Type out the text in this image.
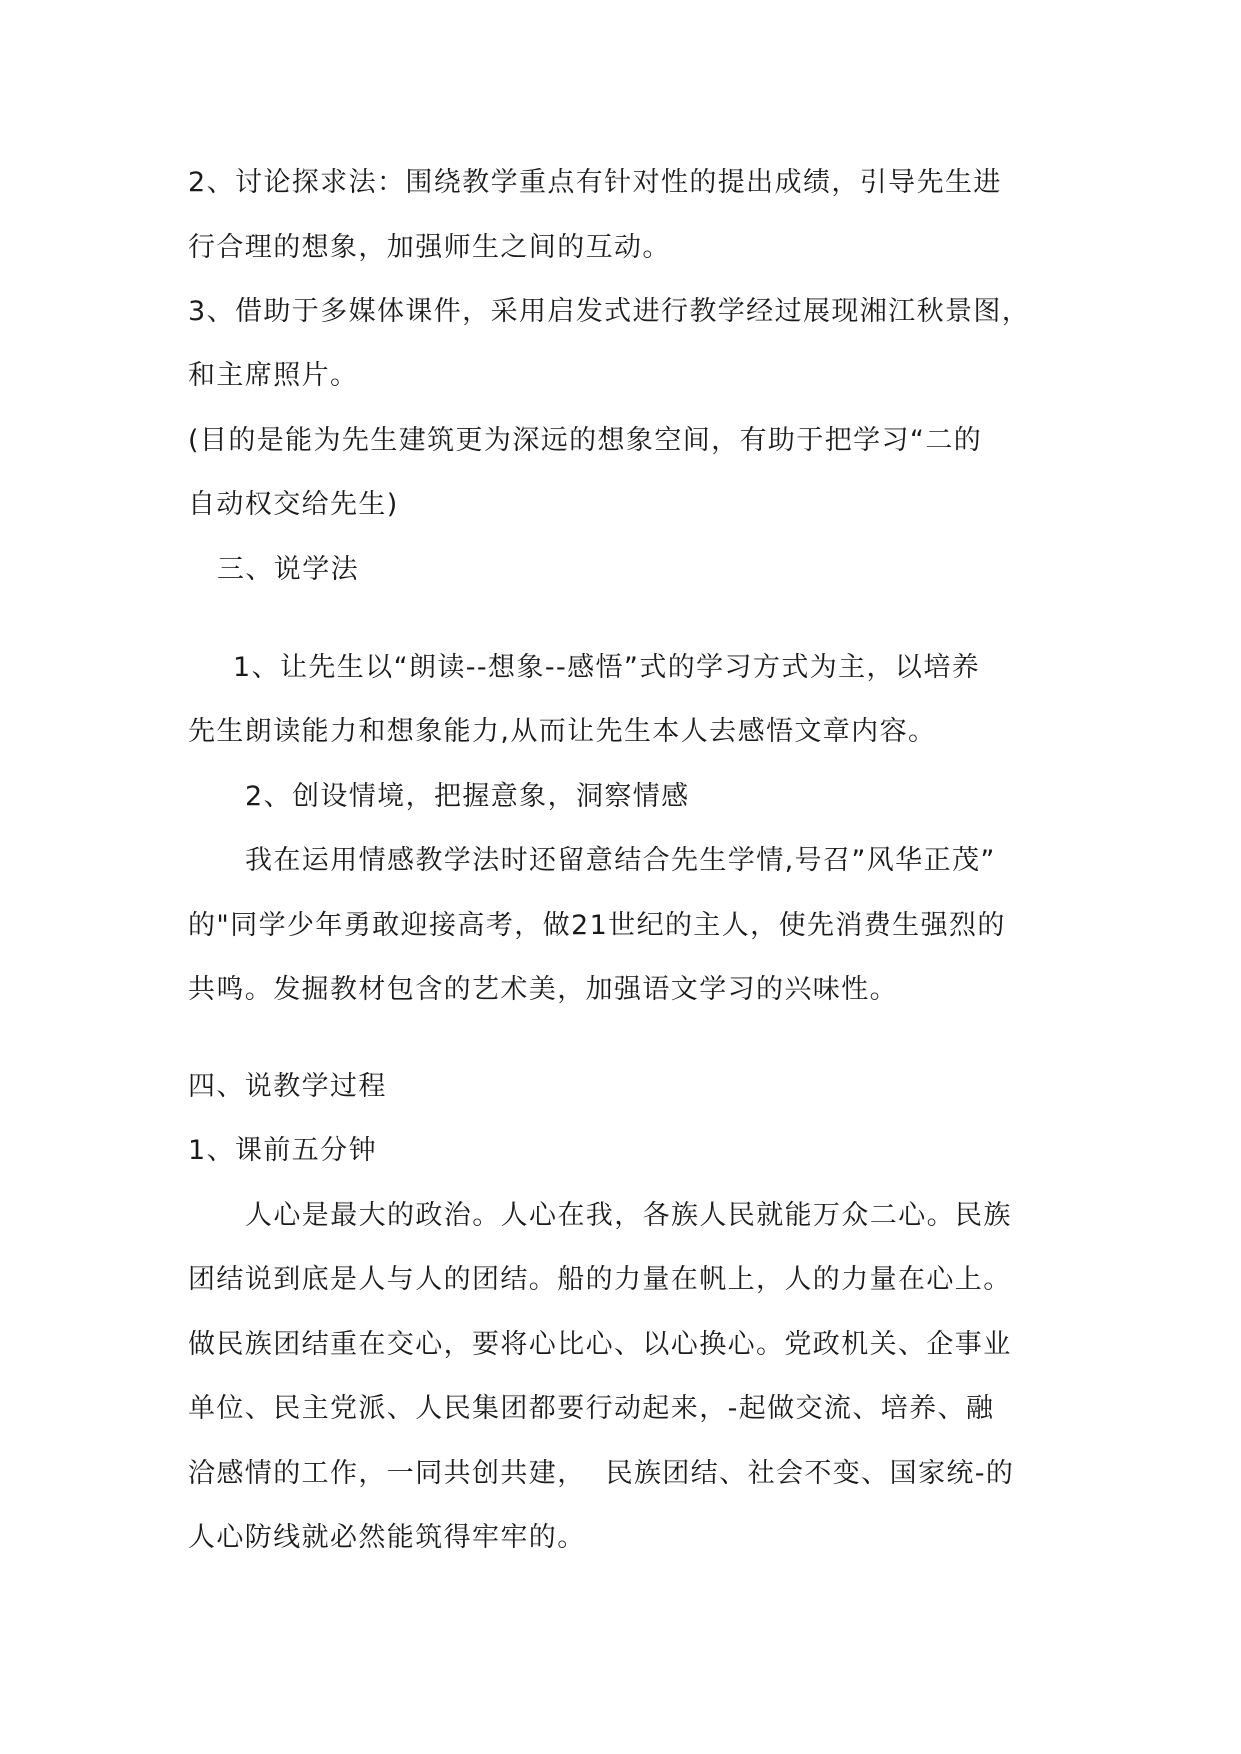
2、讨论探求法：围绕教学重点有针对性的提出成绩，引导先生进
行合理的想象，加强师生之间的互动。
3、借助于多媒体课件，采用启发式进行教学经过展现湘江秋景图，
和主席照片。
(目的是能为先生建筑更为深远的想象空间，有助于把学习“二的
自动权交给先生)
三、说学法
1、让先生以“朗读--想象--感悟”式的学习方式为主，以培养
先生朗读能力和想象能力,从而让先生本人去感悟文章内容。
2、创设情境，把握意象，洞察情感
我在运用情感教学法时还留意结合先生学情,号召”风华正茂”
的"同学少年勇敢迎接高考，做21世纪的主人，使先消费生强烈的
共鸣。发掘教材包含的艺术美，加强语文学习的兴味性。
四、说教学过程
1、课前五分钟
人心是最大的政治。人心在我，各族人民就能万众二心。民族
团结说到底是人与人的团结。船的力量在帆上，人的力量在心上。
做民族团结重在交心，要将心比心、以心换心。党政机关、企事业
单位、民主党派、人民集团都要行动起来，-起做交流、培养、融
洽感情的工作，一同共创共建，  民族团结、社会不变、国家统-的
人心防线就必然能筑得牢牢的。
